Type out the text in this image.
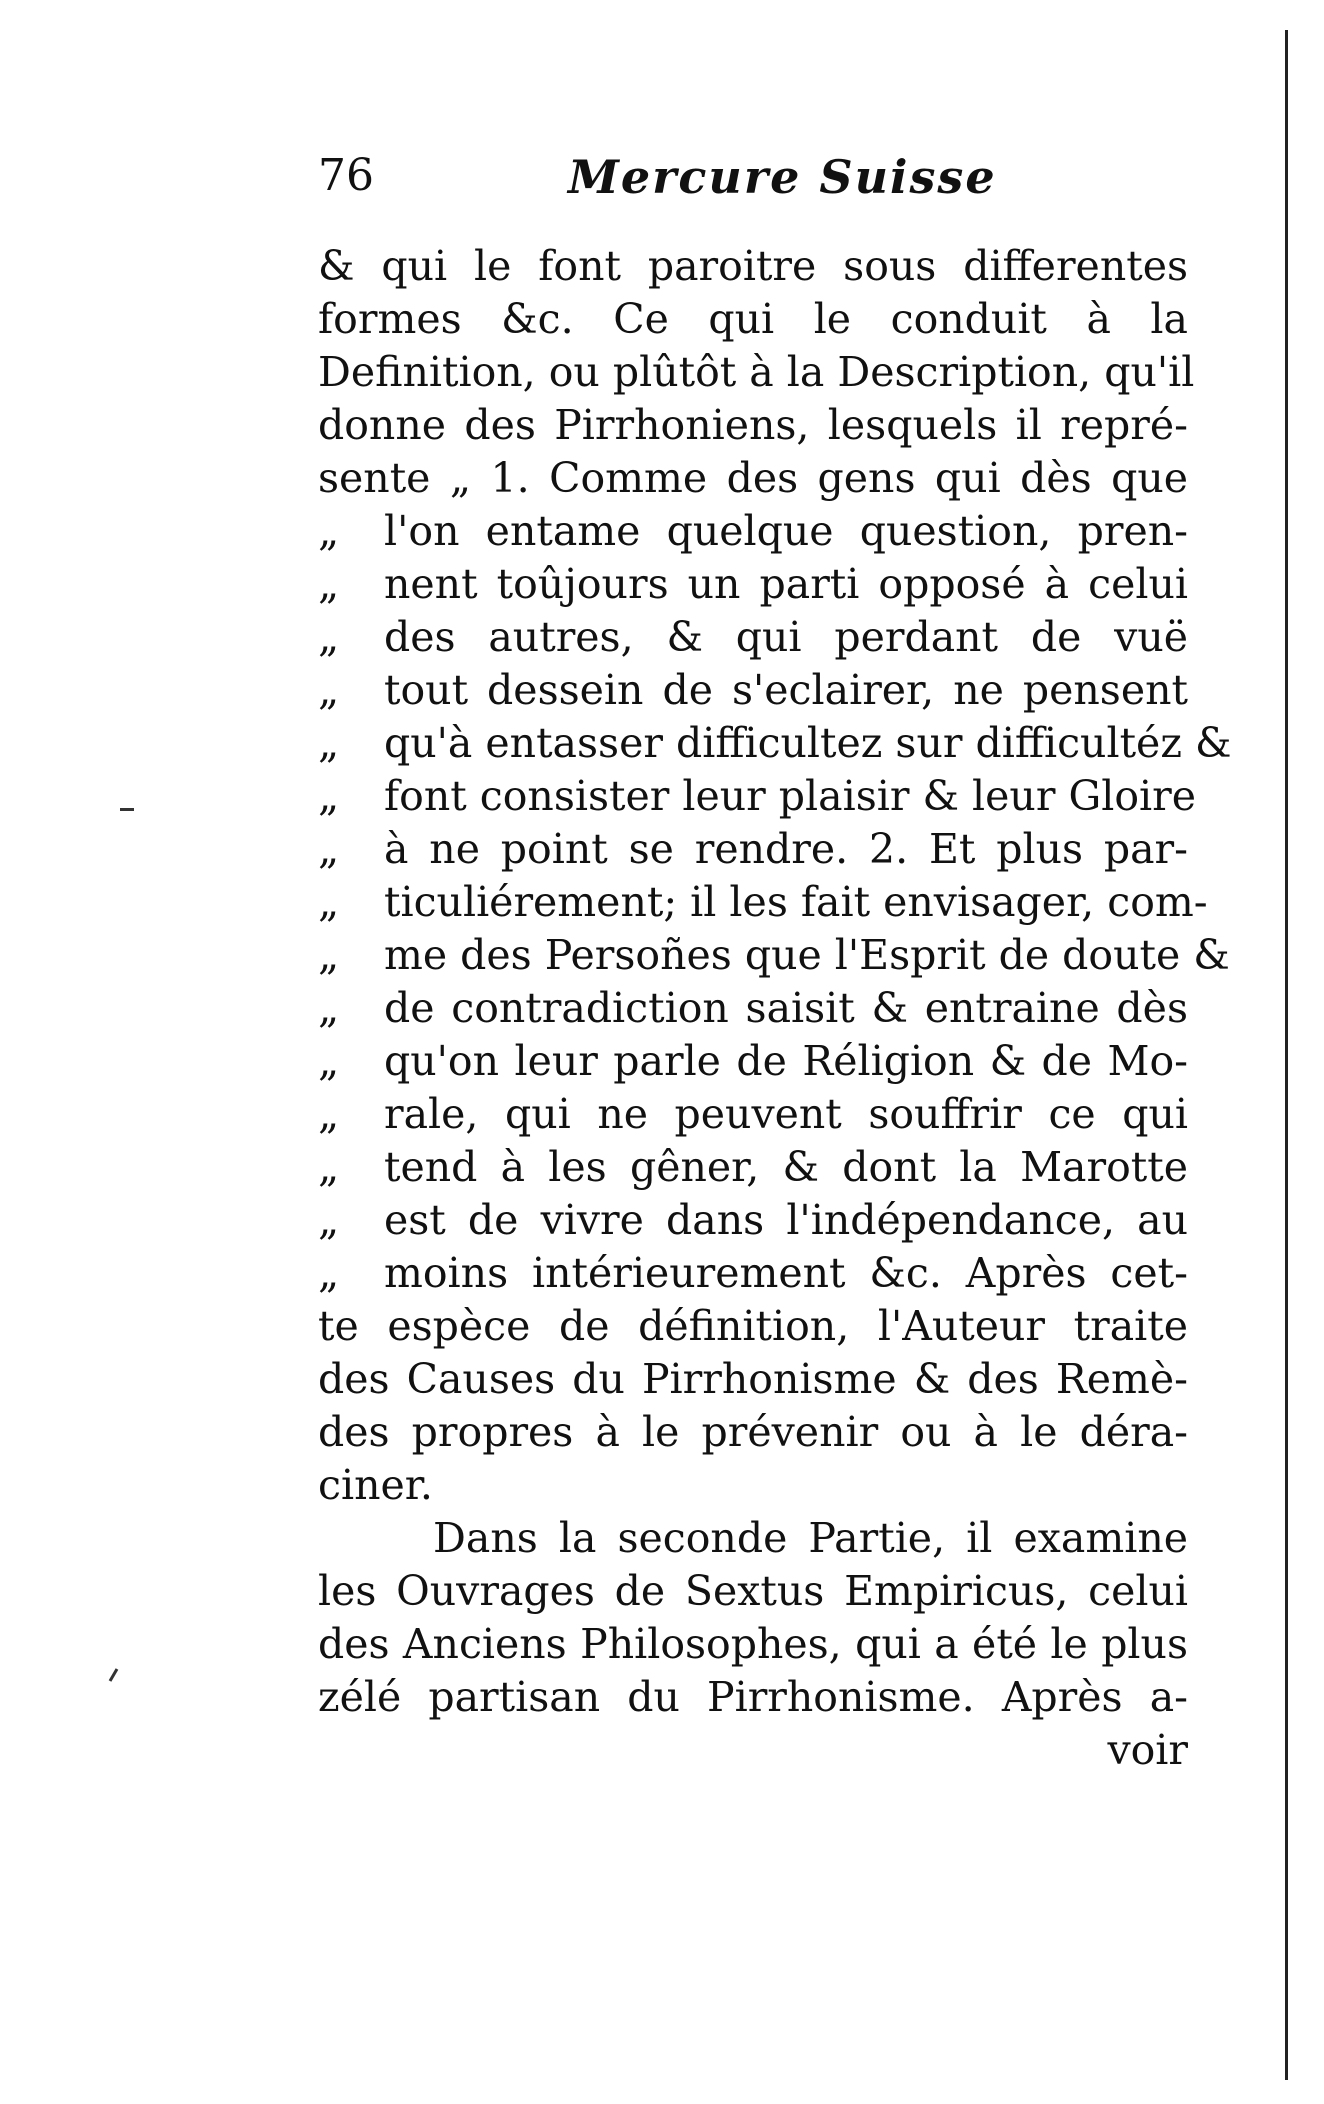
76	Mercure Suisse
& qui le font paroitre sous differentes
formes &c. Ce qui le conduit à la
Definition, ou plûtôt à la Description, qu'il
donne des Pirrhoniens, lesquels il repré-
sente „ 1. Comme des gens qui dès que
„	l'on entame quelque question, pren-
„	nent toûjours un parti opposé à celui
„	des autres, & qui perdant de vuë
„	tout dessein de s'eclairer, ne pensent
„	qu'à entasser difficultez sur difficultéz &
„	font consister leur plaisir & leur Gloire
„	à ne point se rendre. 2. Et plus par-
„	ticuliérement; il les fait envisager, com-
„	me des Persoñes que l'Esprit de doute &
„	de contradiction saisit & entraine dès
„	qu'on leur parle de Réligion & de Mo-
„	rale, qui ne peuvent souffrir ce qui
„	tend à les gêner, & dont la Marotte
„	est de vivre dans l'indépendance, au
„	moins intérieurement &c. Après cet-
te espèce de définition, l'Auteur traite
des Causes du Pirrhonisme & des Remè-
des propres à le prévenir ou à le déra-
ciner.
Dans la seconde Partie, il examine
les Ouvrages de Sextus Empiricus, celui
des Anciens Philosophes, qui a été le plus
zélé partisan du Pirrhonisme. Après a-
voir
